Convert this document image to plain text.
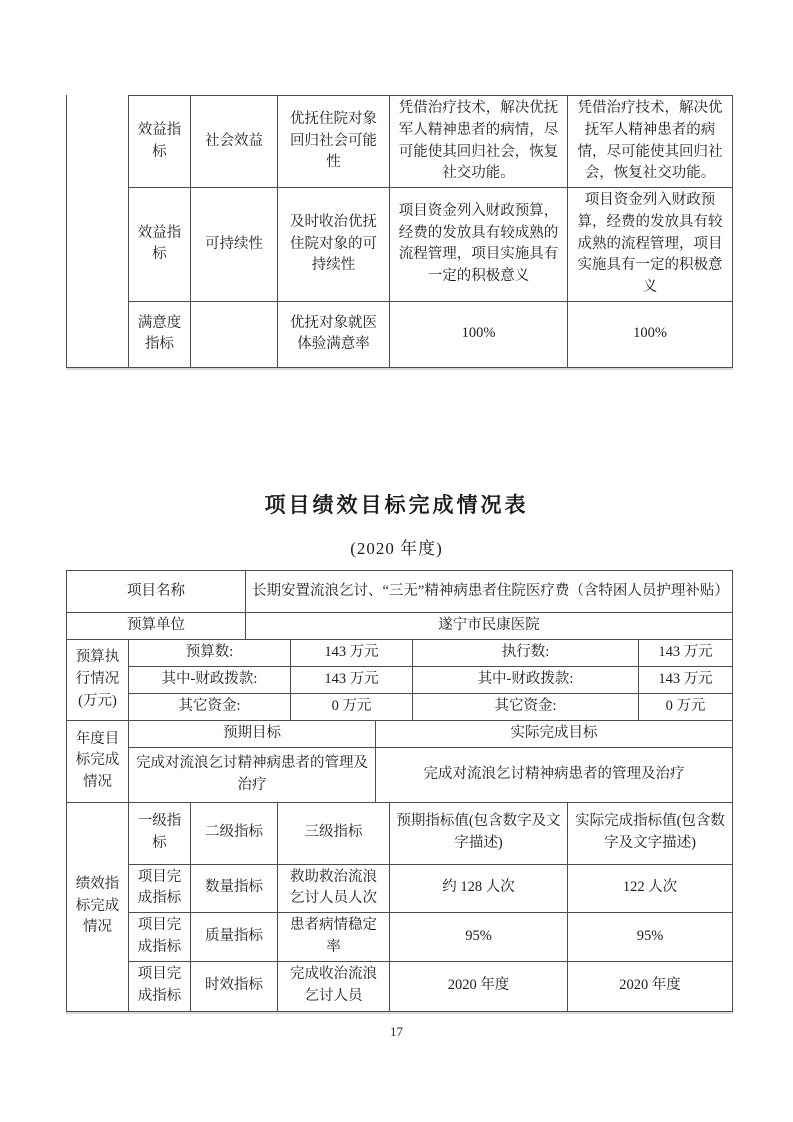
	效益指标	社会效益	优抚住院对象回归社会可能性	凭借治疗技术，解决优抚军人精神患者的病情，尽可能使其回归社会，恢复社交功能。	凭借治疗技术，解决优抚军人精神患者的病情，尽可能使其回归社会，恢复社交功能。
	效益指标	可持续性	及时收治优抚住院对象的可持续性	项目资金列入财政预算，经费的发放具有较成熟的流程管理，项目实施具有一定的积极意义	项目资金列入财政预算，经费的发放具有较成熟的流程管理，项目实施具有一定的积极意义
	满意度指标		优抚对象就医体验满意率	100%	100%
项目绩效目标完成情况表
(2020 年度)
项目名称	长期安置流浪乞讨、“三无”精神病患者住院医疗费（含特困人员护理补贴）
预算单位	遂宁市民康医院
预算执行情况(万元)	预算数:	143 万元	执行数:	143 万元
	其中-财政拨款:	143 万元	其中-财政拨款:	143 万元
	其它资金:	0 万元	其它资金:	0 万元
年度目标完成情况	预期目标	实际完成目标
	完成对流浪乞讨精神病患者的管理及治疗	完成对流浪乞讨精神病患者的管理及治疗
绩效指标完成情况	一级指标	二级指标	三级指标	预期指标值(包含数字及文字描述)	实际完成指标值(包含数字及文字描述)
	项目完成指标	数量指标	救助救治流浪乞讨人员人次	约 128 人次	122 人次
	项目完成指标	质量指标	患者病情稳定率	95%	95%
	项目完成指标	时效指标	完成收治流浪乞讨人员	2020 年度	2020 年度
17
